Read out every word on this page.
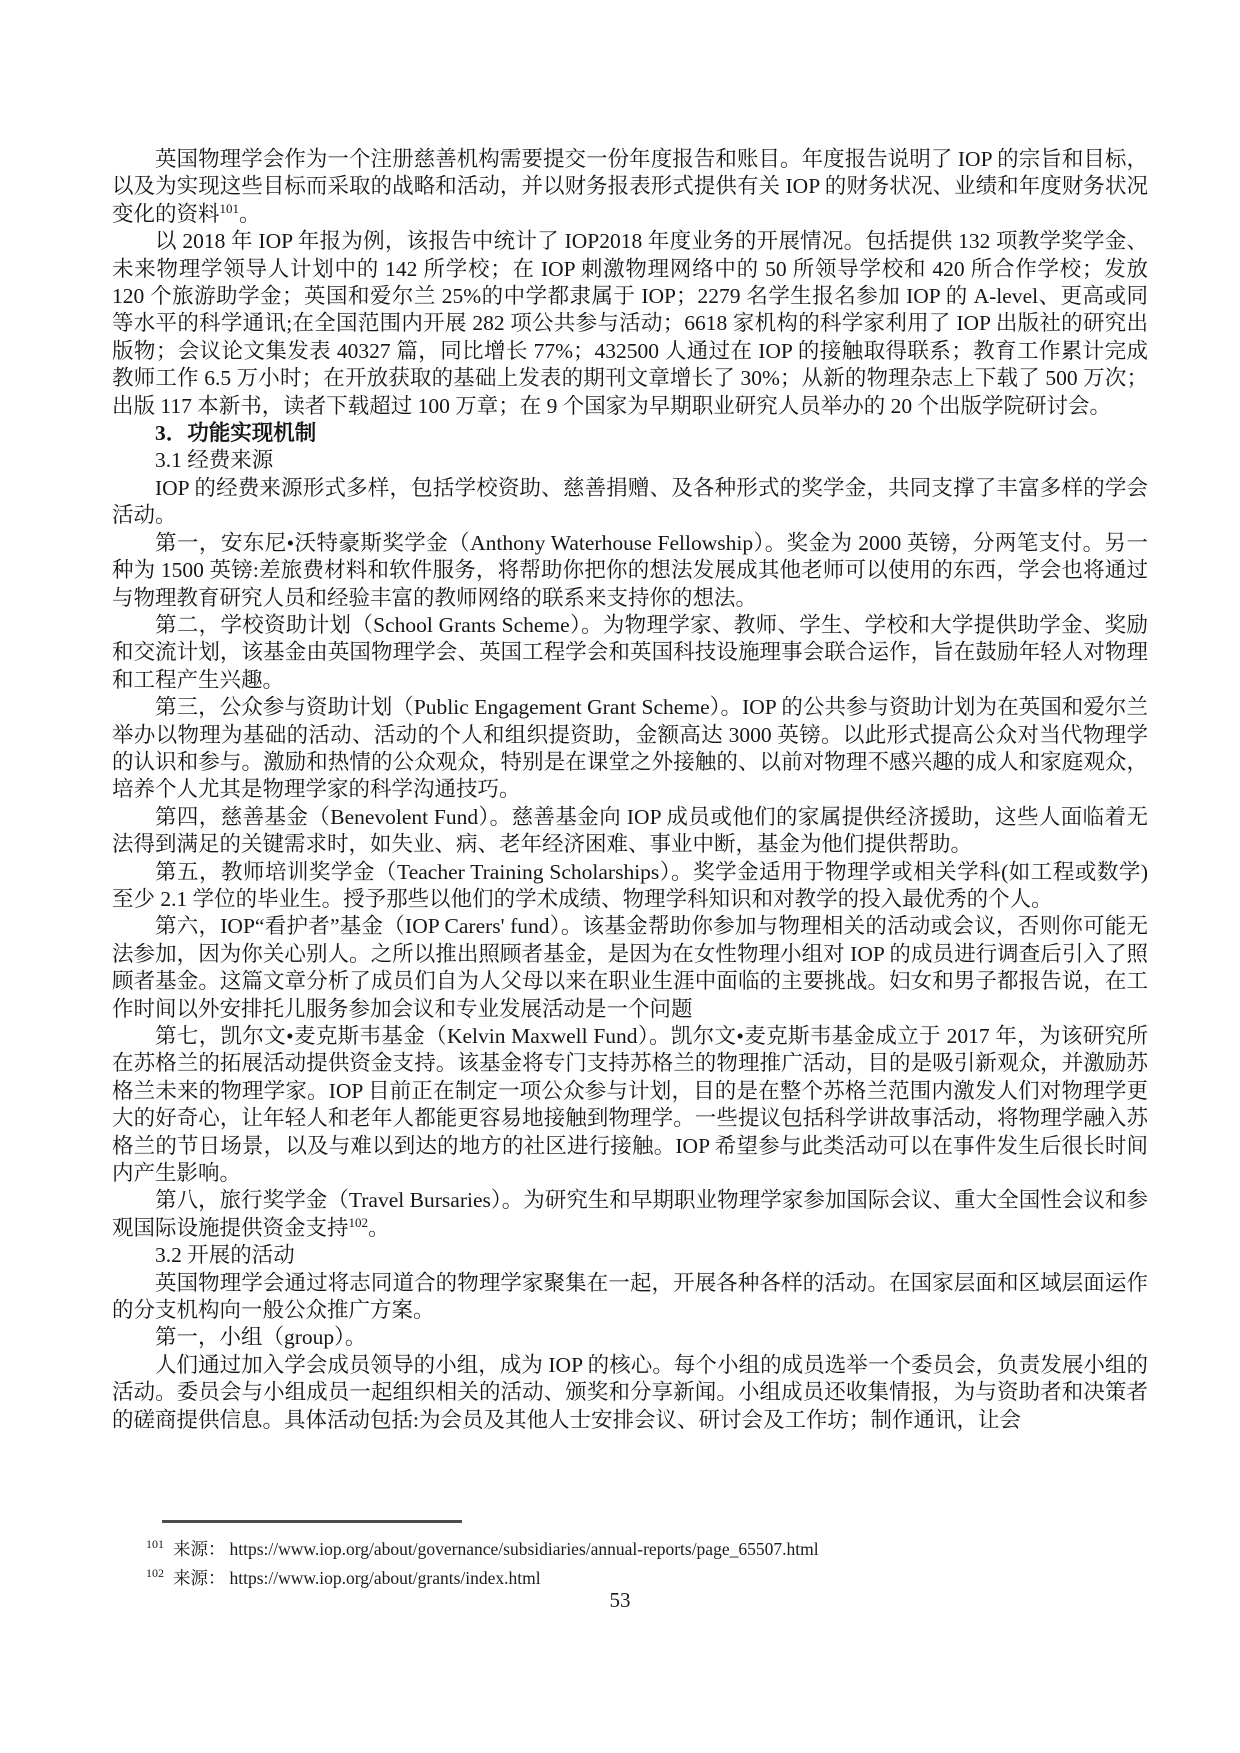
英国物理学会作为一个注册慈善机构需要提交一份年度报告和账目。年度报告说明了 IOP 的宗旨和目标，以及为实现这些目标而采取的战略和活动，并以财务报表形式提供有关 IOP 的财务状况、业绩和年度财务状况变化的资料$^{101}$。

以 2018 年 IOP 年报为例，该报告中统计了 IOP2018 年度业务的开展情况。包括提供 132 项教学奖学金、未来物理学领导人计划中的 142 所学校；在 IOP 刺激物理网络中的 50 所领导学校和 420 所合作学校；发放 120 个旅游助学金；英国和爱尔兰 25%的中学都隶属于 IOP；2279 名学生报名参加 IOP 的 A-level、更高或同等水平的科学通讯;在全国范围内开展 282 项公共参与活动；6618 家机构的科学家利用了 IOP 出版社的研究出版物；会议论文集发表 40327 篇，同比增长 77%；432500 人通过在 IOP 的接触取得联系；教育工作累计完成教师工作 6.5 万小时；在开放获取的基础上发表的期刊文章增长了 30%；从新的物理杂志上下载了 500 万次；出版 117 本新书，读者下载超过 100 万章；在 9 个国家为早期职业研究人员举办的 20 个出版学院研讨会。

3．功能实现机制

3.1 经费来源

IOP 的经费来源形式多样，包括学校资助、慈善捐赠、及各种形式的奖学金，共同支撑了丰富多样的学会活动。

第一，安东尼•沃特豪斯奖学金（Anthony Waterhouse Fellowship）。奖金为 2000 英镑，分两笔支付。另一种为 1500 英镑:差旅费材料和软件服务，将帮助你把你的想法发展成其他老师可以使用的东西，学会也将通过与物理教育研究人员和经验丰富的教师网络的联系来支持你的想法。

第二，学校资助计划（School Grants Scheme）。为物理学家、教师、学生、学校和大学提供助学金、奖励和交流计划，该基金由英国物理学会、英国工程学会和英国科技设施理事会联合运作，旨在鼓励年轻人对物理和工程产生兴趣。

第三，公众参与资助计划（Public Engagement Grant Scheme）。IOP 的公共参与资助计划为在英国和爱尔兰举办以物理为基础的活动、活动的个人和组织提资助，金额高达 3000 英镑。以此形式提高公众对当代物理学的认识和参与。激励和热情的公众观众，特别是在课堂之外接触的、以前对物理不感兴趣的成人和家庭观众，培养个人尤其是物理学家的科学沟通技巧。

第四，慈善基金（Benevolent Fund）。慈善基金向 IOP 成员或他们的家属提供经济援助，这些人面临着无法得到满足的关键需求时，如失业、病、老年经济困难、事业中断，基金为他们提供帮助。

第五，教师培训奖学金（Teacher Training Scholarships）。奖学金适用于物理学或相关学科(如工程或数学)至少 2.1 学位的毕业生。授予那些以他们的学术成绩、物理学科知识和对教学的投入最优秀的个人。

第六，IOP“看护者”基金（IOP Carers' fund）。该基金帮助你参加与物理相关的活动或会议，否则你可能无法参加，因为你关心别人。之所以推出照顾者基金，是因为在女性物理小组对 IOP 的成员进行调查后引入了照顾者基金。这篇文章分析了成员们自为人父母以来在职业生涯中面临的主要挑战。妇女和男子都报告说，在工作时间以外安排托儿服务参加会议和专业发展活动是一个问题

第七，凯尔文•麦克斯韦基金（Kelvin Maxwell Fund）。凯尔文•麦克斯韦基金成立于 2017 年，为该研究所在苏格兰的拓展活动提供资金支持。该基金将专门支持苏格兰的物理推广活动，目的是吸引新观众，并激励苏格兰未来的物理学家。IOP 目前正在制定一项公众参与计划，目的是在整个苏格兰范围内激发人们对物理学更大的好奇心，让年轻人和老年人都能更容易地接触到物理学。一些提议包括科学讲故事活动，将物理学融入苏格兰的节日场景，以及与难以到达的地方的社区进行接触。IOP 希望参与此类活动可以在事件发生后很长时间内产生影响。

第八，旅行奖学金（Travel Bursaries）。为研究生和早期职业物理学家参加国际会议、重大全国性会议和参观国际设施提供资金支持$^{102}$。

3.2 开展的活动

英国物理学会通过将志同道合的物理学家聚集在一起，开展各种各样的活动。在国家层面和区域层面运作的分支机构向一般公众推广方案。

第一，小组（group）。

人们通过加入学会成员领导的小组，成为 IOP 的核心。每个小组的成员选举一个委员会，负责发展小组的活动。委员会与小组成员一起组织相关的活动、颁奖和分享新闻。小组成员还收集情报，为与资助者和决策者的磋商提供信息。具体活动包括:为会员及其他人士安排会议、研讨会及工作坊；制作通讯，让会

$^{101}$ 来源： https://www.iop.org/about/governance/subsidiaries/annual-reports/page_65507.html
$^{102}$ 来源： https://www.iop.org/about/grants/index.html
53
